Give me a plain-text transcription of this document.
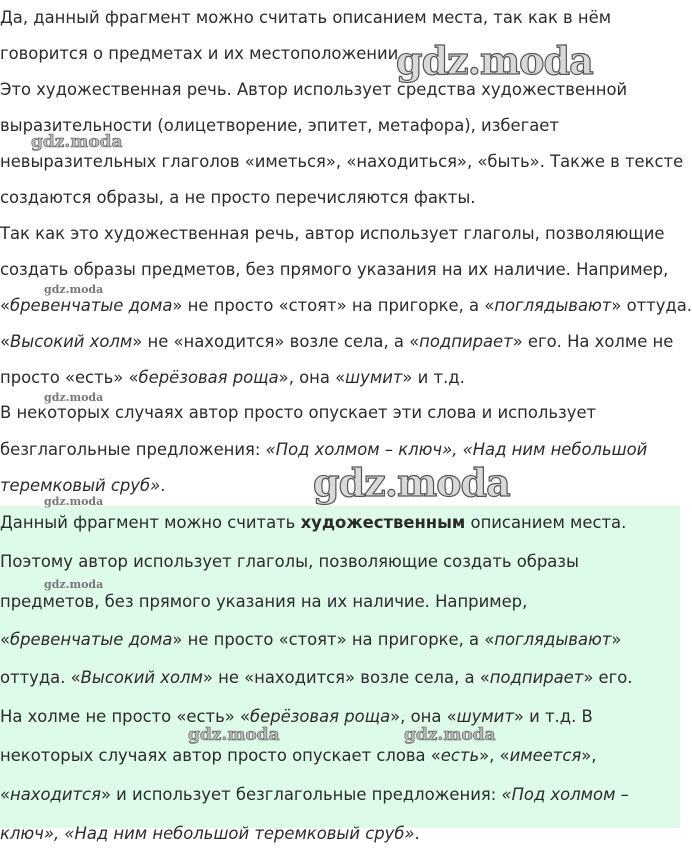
Да, данный фрагмент можно считать описанием места, так как в нём
говорится о предметах и их местоположении.
Это художественная речь. Автор использует средства художественной
выразительности (олицетворение, эпитет, метафора), избегает
невыразительных глаголов «иметься», «находиться», «быть». Также в тексте
создаются образы, а не просто перечисляются факты.
Так как это художественная речь, автор использует глаголы, позволяющие
создать образы предметов, без прямого указания на их наличие. Например,
«бревенчатые дома» не просто «стоят» на пригорке, а «поглядывают» оттуда.
«Высокий холм» не «находится» возле села, а «подпирает» его. На холме не
просто «есть» «берёзовая роща», она «шумит» и т.д.
В некоторых случаях автор просто опускает эти слова и использует
безглагольные предложения: «Под холмом – ключ», «Над ним небольшой
теремковый сруб».
Данный фрагмент можно считать художественным описанием места.
Поэтому автор использует глаголы, позволяющие создать образы
предметов, без прямого указания на их наличие. Например,
«бревенчатые дома» не просто «стоят» на пригорке, а «поглядывают»
оттуда. «Высокий холм» не «находится» возле села, а «подпирает» его.
На холме не просто «есть» «берёзовая роща», она «шумит» и т.д. В
некоторых случаях автор просто опускает слова «есть», «имеется»,
«находится» и использует безглагольные предложения: «Под холмом –
ключ», «Над ним небольшой теремковый сруб».
gdz.moda
gdz.moda
gdz.moda
gdz.moda	gdz.moda
gdz.moda
gdz.moda
gdz.moda
gdz.moda
